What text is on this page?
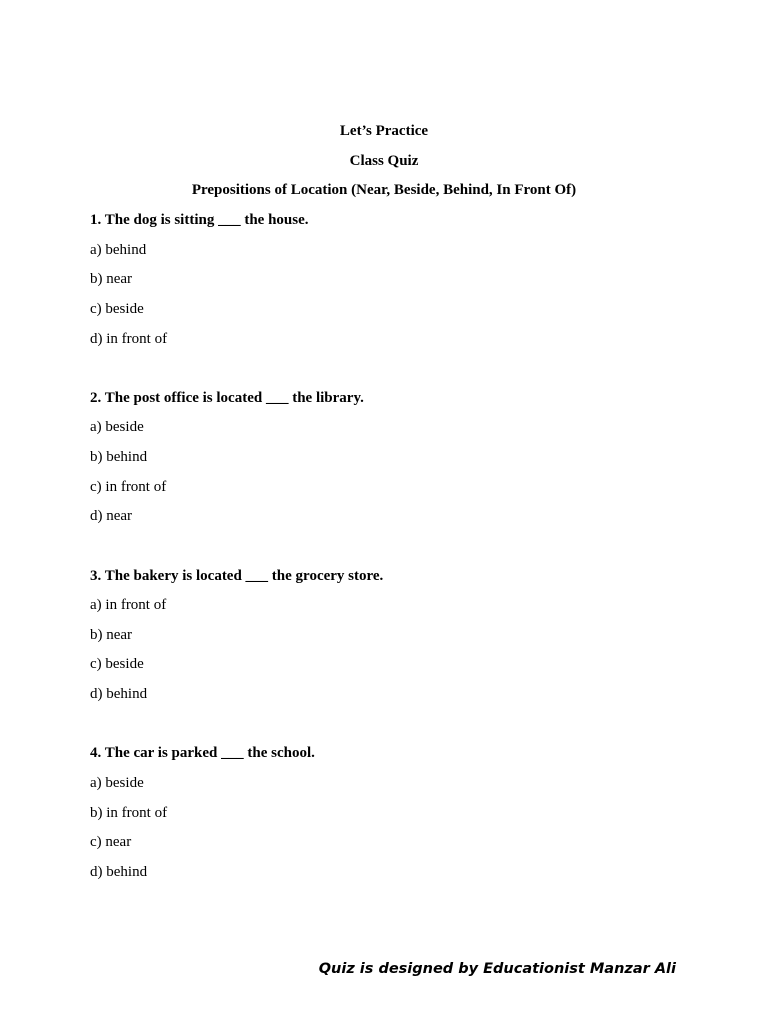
Let’s Practice
Class Quiz
Prepositions of Location (Near, Beside, Behind, In Front Of)
1. The dog is sitting ___ the house.
a) behind
b) near
c) beside
d) in front of
2. The post office is located ___ the library.
a) beside
b) behind
c) in front of
d) near
3. The bakery is located ___ the grocery store.
a) in front of
b) near
c) beside
d) behind
4. The car is parked ___ the school.
a) beside
b) in front of
c) near
d) behind
Quiz is designed by Educationist Manzar Ali
